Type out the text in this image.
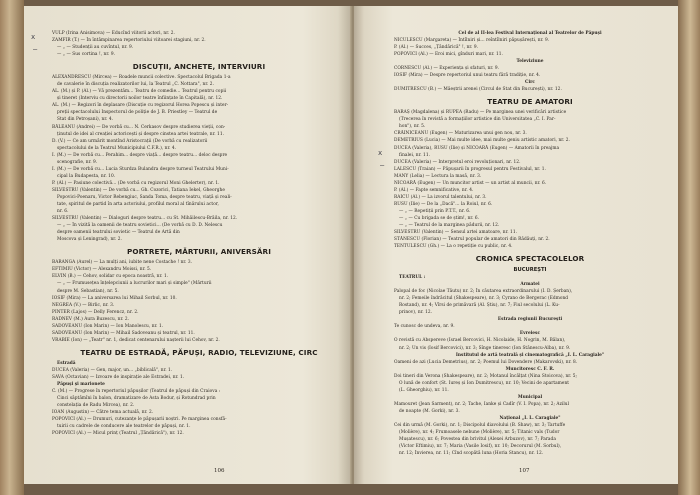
x
—
VULP (Irina Anisimova) — Educînd viitorii actori, nr. 2.
ZAMFIR (T.) — În întâmpinarea repertoriului viitoarei stagiuni, nr. 2.
— „ — Studenții au cuvîntul, nr. 9.
— „ — Sus cortina !, nr. 9.
DISCUȚII, ANCHETE, INTERVIURI
ALEXANDRESCU (Mircea) — Roadele muncii colective. Spectacolul Brigada 1-a
de cavalerie în discuția realizatorilor lui, la Teatrul „C. Nottara", nr. 2.
AL. (M.) și P. (Al.) — Vă prezentăm... Teatru de comedie... Teatrul pentru copii
și tineret (Interviu cu directorii noilor teatre înființate în Capitală), nr. 12.
AL. (M.) — Regizori în deplasare (Discuție cu regizorul Horea Popescu și inter-
preții spectacolului Inspectorul de poliție de J. B. Priestley — Teatrul de
Stat din Petroșani), nr. 4.
BĂLEANU (Andrei) — De vorbă cu... N. Cerkasov despre studierea vieții, con-
ținutul de idei al creației actoricești și despre cinstea artei teatrale, nr. 11.
D. (V.) — Ce am urmărit montînd Aristocrații (De vorbă cu realizatorii
spectacolului de la Teatrul Municipiului C.F.R.), nr. 4.
I. (M.) — De vorbă cu... Perahim... despre viață... despre teatru... deloc despre
scenografie, nr. 9.
I. (M.) — De vorbă cu... Lucia Sturdza Bulandra despre turneul Teatrului Muni-
cipal la Budapesta, nr. 10.
P. (Al.) — Pasiune colectivă... (De vorbă cu regizorul Moni Ghelerter), nr. 1.
SILVESTRU (Valentin) — De vorbă cu... Gh. Cozorici, Tatiana Iekel, Gheorghe
Popovici-Poenaru, Victor Rebengiuc, Sanda Toma, despre teatru, viață și reali-
tate, spiritul de partid în arta actoriului, profilul moral al tînărului actor,
nr. 6.
SILVESTRU (Valentin) — Dialoguri despre teatru... cu St. Mihăilescu-Brăila, nr. 12.
— „ — În vizită la oamenii de teatru sovietici... (De vorbă cu D. D. Nelescu
despre oamenii teatrului sovietic — Teatrul de Artă din
Moscova și Leningrad), nr. 2.
PORTRETE, MĂRTURII, ANIVERSĂRI
BARANGA (Aurel) — La mulți ani, iubite nene Costache ! nr. 3.
EFTIMIU (Victor) — Alexandru Moissi, nr. 5.
ELVIN (B.) — Cehov, solidar cu epoca noastră, nr. 1.
— „ — Frumusețea înțelepciunii a lucrurilor mari și simple" (Mărturii
despre M. Sebastian), nr. 5.
IOSIF (Mira) — La aniversarea lui Mihail Sorbul, nr. 10.
NEGREA (V.) — Birlic, nr. 3.
PINTER (Lajos) — Delly Ferencz, nr. 2.
RADNEV (M.) Aura Buzescu, nr. 2.
SADOVEANU (Ion Marin) — Ion Manolescu, nr. 1.
SADOVEANU (Ion Marin) — Mihail Sadoveanu și teatrul, nr. 11.
VRABIE (Ion) — „Teatr" nr. 1, dedicat centenarului nașterii lui Cehov, nr. 2.
TEATRU DE ESTRADĂ, PĂPUȘI, RADIO, TELEVIZIUNE, CIRC
Estradă
DUCEA (Valeria) — Gen, major, un... „biblicală", nr. 1.
SAVA (Octavian) — Izvoare de inspirație ale Estradei, nr. 1.
Păpuși și marionete
C. (M.) — Progrese în repertoriul păpușilor (Teatrul de păpuși din Craiova :
Cinci săptămîni în balon, dramatizare de Asta Bodur, și Rotundrad prin
constelația de Radu Mircea), nr. 2.
IOAN (Augustin) — Către tema actuală, nr. 2.
POPOVICI (Al.) — Drumuri, cutezanțe le păpușarii noștri. Pe marginea consfă-
tuirii cu cadrele de conducere ale teatrelor de păpuși, nr. 1.
POPOVICI (Al.) — Micul prinț (Teatrul „Țăndărică"), nr. 12.
106
x
—
Cel de al II-lea Festival Internațional al Teatrelor de Păpuși
NICULESCU (Margareta) — Întîlniri și... reîntîlniri păpușărești, nr. 9.
P. (Al.) — Succes, „Țăndărică" !, nr. 9.
POPOVICI (Al.) — Eroi mici, gînduri mari, nr. 11.
Televiziune
CORNESCU (Al.) — Experiența și sfaturi, nr. 9.
IOSIF (Mira) — Despre repertoriul unui teatru fără tradiție, nr. 4.
Circ
DUMITRESCU (B.) — Măeștrii arenei (Circul de Stat din București), nr. 12.
TEATRU DE AMATORI
BARAȘ (Magdalena) și RUPEA (Radu) — Pe marginea unei verificări artistice
(Trecerea în revistă a formațiilor artistice din Universitatea „C. I. Par-
hon"), nr. 5.
CRĂINICEANU (Eugen) — Maturizarea unui gen nou, nr. 3.
DEMETRIUS (Lucia) — Mai multe idee, mai multe geniu artistic amatori, nr. 2.
DUCEA (Valeria), RUSU (Ilie) și NICOARĂ (Eugen) — Amatorii în preajma
finalei, nr. 11.
DUCEA (Valeria) — Interpretul eroi revoluționari, nr. 12.
LALESCU (Traian) — Păpușarii în progresul pentru Festivalul, nr. 1.
MANY (Lelia) — Lectura la masă, nr. 3.
NICOARĂ (Eugen) — Un muncitor artist — un artist al muncii, nr. 6.
P. (Al.) — Fapte semnificative, nr. 4.
RAICU (Al.) — La izvorul talentului, nr. 3.
RUSU (Ilie) — De la „Dacă"... la Roiul, nr. 6.
— „ — Repetiții prin P.T.T., nr. 6.
— „ — Cu brigada se de știm!, nr. 6.
— „ — Teatrul de la marginea pădurii, nr. 12.
SILVESTRU (Valentin) — Sensul artei amatoare, nr. 11.
STĂNESCU (Florian) — Teatrul popular de amatori din Rădăuți, nr. 2.
TENTULESCU (Gh.) — La o repetiție cu public, nr. 4.
CRONICA SPECTACOLELOR
BUCUREȘTI
TEATRUL :
Armatei
Palopal de foc (Nicolae Tăutu) nr. 2; În căutarea extraordinarului (I. D. Șerban),
nr. 2; Femeile îndrăcitul (Shakespeare), nr. 3; Cyrano de Bergerac (Edmond
Rostand), nr. 4; Vîrsi de primăvară (Al. Știu), nr. 7; Fiul secolului (L. Ku-
prinov), nr. 12.
Estrada regiunii București
Te cunosc de undeva, nr. 9.
Evreiesc
O revistă cu Abspereve (Israel Bercovici, H. Nicolaide, H. Nogrin, M. Bălan),
nr. 2; Un vis (Iosif Bercovici), nr. 3; Sînge tineresc (Ion Stănescu-Alba), nr. 9.
Institutul de artă teatrală și cinematografică „I. L. Caragiale"
Oameni de azi (Lucia Demetrius), nr. 2; Poemul lui Dovendere (Makarovski), nr. 8.
Muncitoresc C. F. R.
Doi tineri din Verona (Shakespeare), nr. 2; Motanul încălțat (Nina Stoicova), nr. 5;
O lună de confort (St. Iureș și Ion Dumitrescu), nr. 10; Vecini de apartament
(L. Gheorghiu), nr. 11.
Municipal
Mamouret (Jean Sarment), nr. 2; Tache, Ianke și Cadîr (V. I. Popa), nr. 2; Azilul
de noapte (M. Gorki), nr. 3.
Național „I. L. Caragiale"
Cei din urmă (M. Gorki), nr. 1; Discipolul diavolului (B. Shaw), nr. 3; Tartuffe
(Molière), nr. 4; Frumoasele nebune (Molière), nr. 5; Titanic vals (Tudor
Mușatescu), nr. 6; Povestea din brivitul (Alexei Arbuzov), nr. 7; Parada
(Victor Eftimiu), nr. 7; Maria (Vasile Iosif), nr. 10; Decorurul (M. Sorbul),
nr. 12; Învierea, nr. 11; Cînd scopătă luna (Horia Stancu), nr. 12.
107
